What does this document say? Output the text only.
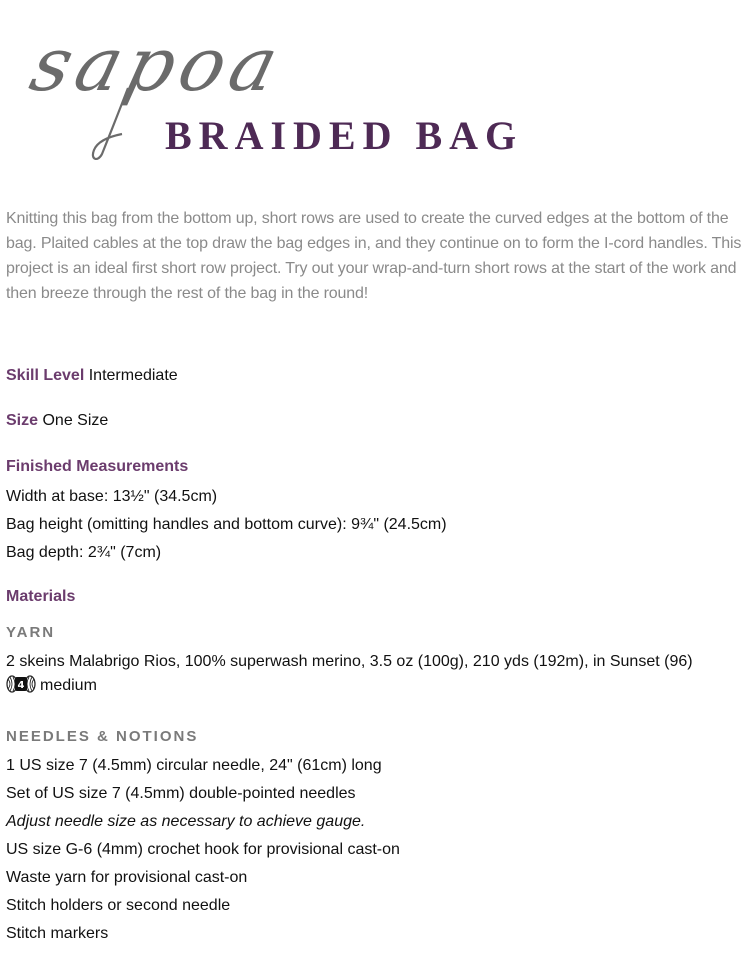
sapoa
BRAIDED BAG

Knitting this bag from the bottom up, short rows are used to create the curved edges at the bottom of the bag. Plaited cables at the top draw the bag edges in, and they continue on to form the I-cord handles. This project is an ideal first short row project. Try out your wrap-and-turn short rows at the start of the work and then breeze through the rest of the bag in the round!

Skill Level Intermediate
Size One Size
Finished Measurements
Width at base: 13½" (34.5cm)
Bag height (omitting handles and bottom curve): 9¾" (24.5cm)
Bag depth: 2¾" (7cm)
Materials
YARN
2 skeins Malabrigo Rios, 100% superwash merino, 3.5 oz (100g), 210 yds (192m), in Sunset (96)
4 medium
NEEDLES & NOTIONS
1 US size 7 (4.5mm) circular needle, 24" (61cm) long
Set of US size 7 (4.5mm) double-pointed needles
Adjust needle size as necessary to achieve gauge.
US size G-6 (4mm) crochet hook for provisional cast-on
Waste yarn for provisional cast-on
Stitch holders or second needle
Stitch markers
